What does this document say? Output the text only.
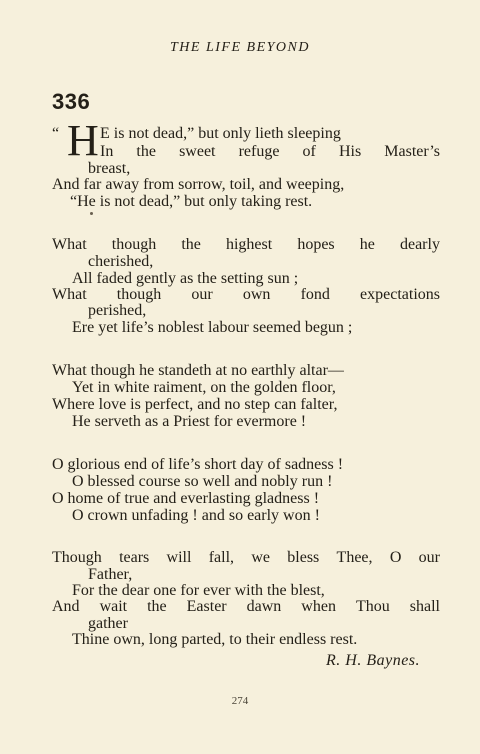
THE LIFE BEYOND
336
“ H E is not dead,” but only lieth sleeping
In the sweet refuge of His Master’s
breast,
And far away from sorrow, toil, and weeping,
“He is not dead,” but only taking rest.
What though the highest hopes he dearly
cherished,
All faded gently as the setting sun ;
What though our own fond expectations
perished,
Ere yet life’s noblest labour seemed begun ;
What though he standeth at no earthly altar—
Yet in white raiment, on the golden floor,
Where love is perfect, and no step can falter,
He serveth as a Priest for evermore !
O glorious end of life’s short day of sadness !
O blessed course so well and nobly run !
O home of true and everlasting gladness !
O crown unfading ! and so early won !
Though tears will fall, we bless Thee, O our
Father,
For the dear one for ever with the blest,
And wait the Easter dawn when Thou shall
gather
Thine own, long parted, to their endless rest.
R. H. Baynes.
274
